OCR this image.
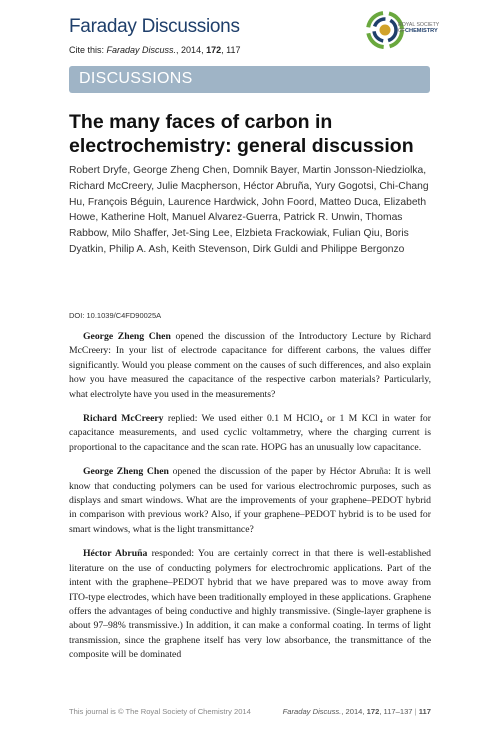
Faraday Discussions
Cite this: Faraday Discuss., 2014, 172, 117
ROYAL SOCIETY
OF CHEMISTRY
DISCUSSIONS
The many faces of carbon in electrochemistry: general discussion
Robert Dryfe, George Zheng Chen, Domnik Bayer, Martin Jonsson-Niedziolka, Richard McCreery, Julie Macpherson, Héctor Abruña, Yury Gogotsi, Chi-Chang Hu, François Béguin, Laurence Hardwick, John Foord, Matteo Duca, Elizabeth Howe, Katherine Holt, Manuel Alvarez-Guerra, Patrick R. Unwin, Thomas Rabbow, Milo Shaffer, Jet-Sing Lee, Elzbieta Frackowiak, Fulian Qiu, Boris Dyatkin, Philip A. Ash, Keith Stevenson, Dirk Guldi and Philippe Bergonzo
DOI: 10.1039/C4FD90025A

George Zheng Chen opened the discussion of the Introductory Lecture by Richard McCreery: In your list of electrode capacitance for different carbons, the values differ significantly. Would you please comment on the causes of such differences, and also explain how you have measured the capacitance of the respective carbon materials? Particularly, what electrolyte have you used in the measurements?

Richard McCreery replied: We used either 0.1 M HClO₄ or 1 M KCl in water for capacitance measurements, and used cyclic voltammetry, where the charging current is proportional to the capacitance and the scan rate. HOPG has an unusually low capacitance.

George Zheng Chen opened the discussion of the paper by Héctor Abruña: It is well know that conducting polymers can be used for various electrochromic purposes, such as displays and smart windows. What are the improvements of your graphene–PEDOT hybrid in comparison with previous work? Also, if your graphene–PEDOT hybrid is to be used for smart windows, what is the light transmittance?

Héctor Abruña responded: You are certainly correct in that there is well-established literature on the use of conducting polymers for electrochromic applications. Part of the intent with the graphene–PEDOT hybrid that we have prepared was to move away from ITO-type electrodes, which have been traditionally employed in these applications. Graphene offers the advantages of being conductive and highly transmissive. (Single-layer graphene is about 97–98% transmissive.) In addition, it can make a conformal coating. In terms of light transmission, since the graphene itself has very low absorbance, the transmittance of the composite will be dominated

This journal is © The Royal Society of Chemistry 2014	Faraday Discuss., 2014, 172, 117–137 | 117
